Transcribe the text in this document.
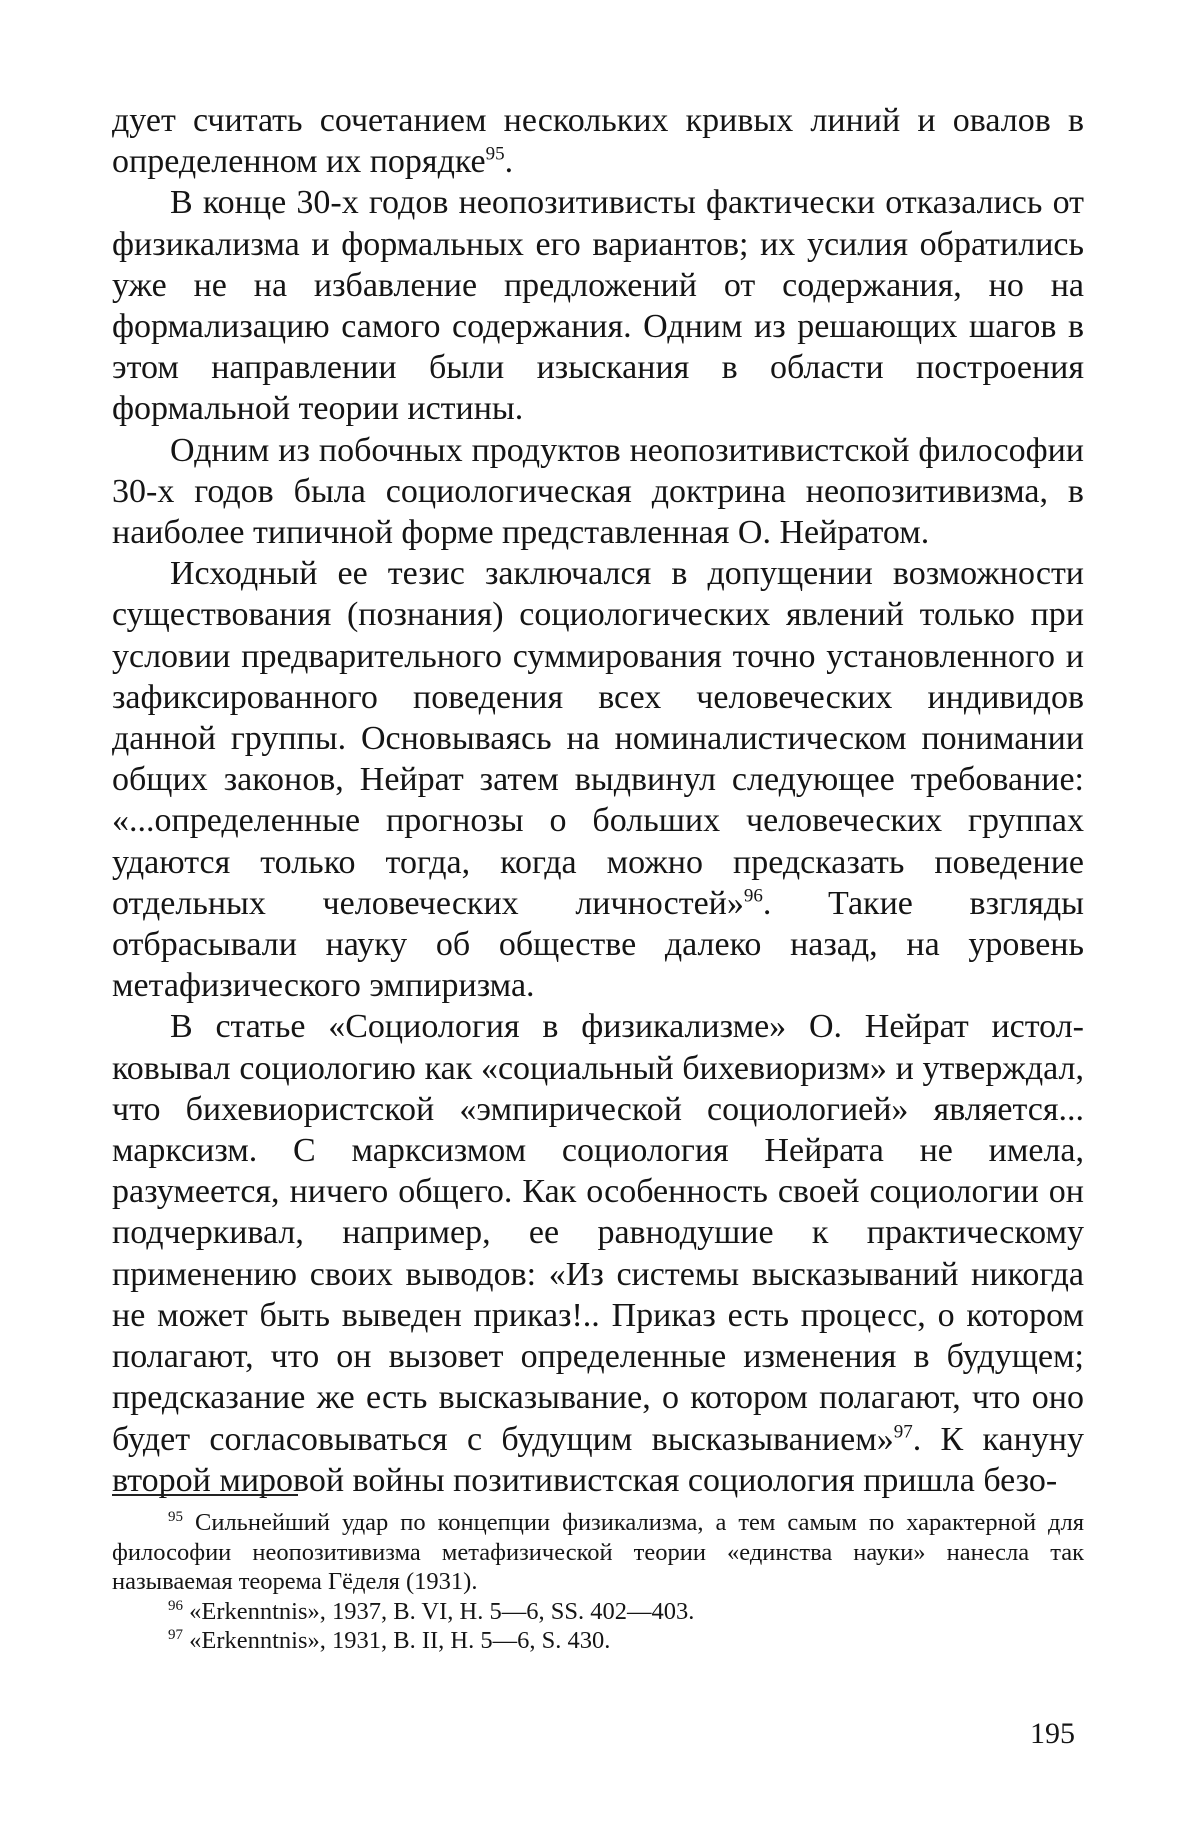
дует считать сочетанием нескольких кривых линий и овалов в определенном их порядке$^{95}$.

В конце 30-х годов неопозитивисты фактически отказались от физикализма и формальных его вариантов; их усилия обратились уже не на избавление предложений от содержания, но на формализацию самого содержания. Одним из решающих шагов в этом направлении были изыскания в области построения формальной теории истины.

Одним из побочных продуктов неопозитивистской философии 30-х годов была социологическая доктрина неопозитивизма, в наиболее типичной форме представленная О. Нейратом.

Исходный ее тезис заключался в допущении возможности существования (познания) социологических явлений только при условии предварительного суммирования точно установленного и зафиксированного поведения всех человеческих индивидов данной группы. Основываясь на номиналистическом понимании общих законов, Нейрат затем выдвинул следующее требование: «...определенные прогнозы о больших человеческих группах удаются только тогда, когда можно предсказать поведение отдельных человеческих личностей»$^{96}$. Такие взгляды отбрасывали науку об обществе далеко назад, на уровень метафизического эмпиризма.

В статье «Социология в физикализме» О. Нейрат истолковывал социологию как «социальный бихевиоризм» и утверждал, что бихевиористской «эмпирической социологией» является... марксизм. С марксизмом социология Нейрата не имела, разумеется, ничего общего. Как особенность своей социологии он подчеркивал, например, ее равнодушие к практическому применению своих выводов: «Из системы высказываний никогда не может быть выведен приказ!.. Приказ есть процесс, о котором полагают, что он вызовет определенные изменения в будущем; предсказание же есть высказывание, о котором полагают, что оно будет согласовываться с будущим высказыванием»$^{97}$. К кануну второй мировой войны позитивистская социология пришла безо-

$^{95}$ Сильнейший удар по концепции физикализма, а тем самым по характерной для философии неопозитивизма метафизической теории «единства науки» нанесла так называемая теорема Гёделя (1931).

$^{96}$ «Erkenntnis», 1937, B. VI, H. 5—6, SS. 402—403.

$^{97}$ «Erkenntnis», 1931, B. II, H. 5—6, S. 430.

195
